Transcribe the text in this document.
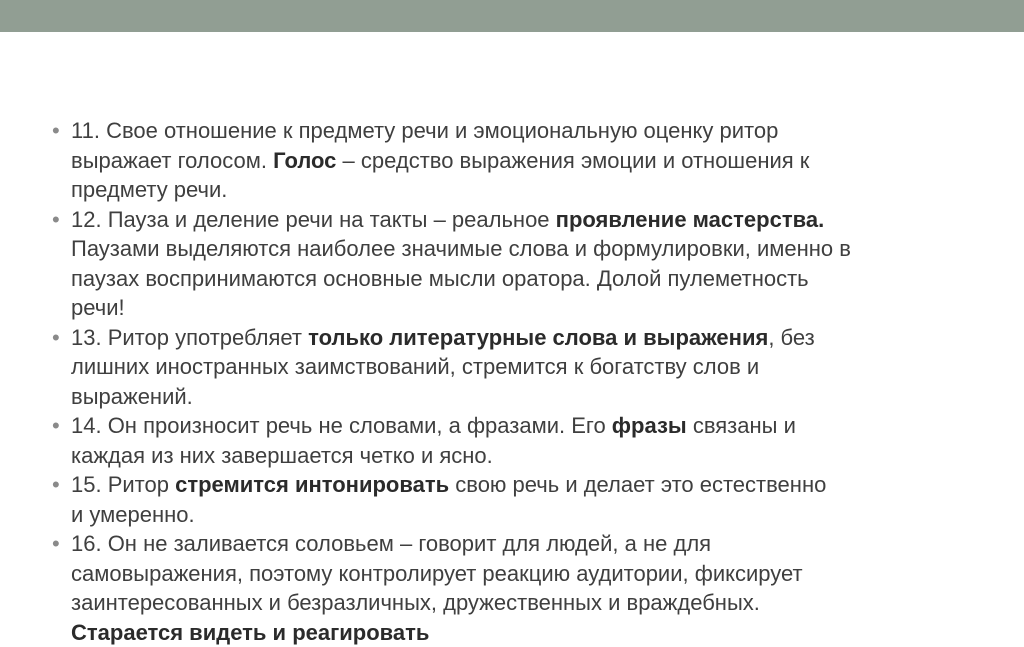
• 11. Свое отношение к предмету речи и эмоциональную оценку ритор
выражает голосом. Голос – средство выражения эмоции и отношения к
предмету речи.
• 12. Пауза и деление речи на такты – реальное проявление мастерства.
Паузами выделяются наиболее значимые слова и формулировки, именно в
паузах воспринимаются основные мысли оратора. Долой пулеметность
речи!
• 13. Ритор употребляет только литературные слова и выражения, без
лишних иностранных заимствований, стремится к богатству слов и
выражений.
• 14. Он произносит речь не словами, а фразами. Его фразы связаны и
каждая из них завершается четко и ясно.
• 15. Ритор стремится интонировать свою речь и делает это естественно
и умеренно.
• 16. Он не заливается соловьем – говорит для людей, а не для
самовыражения, поэтому контролирует реакцию аудитории, фиксирует
заинтересованных и безразличных, дружественных и враждебных.
Старается видеть и реагировать
